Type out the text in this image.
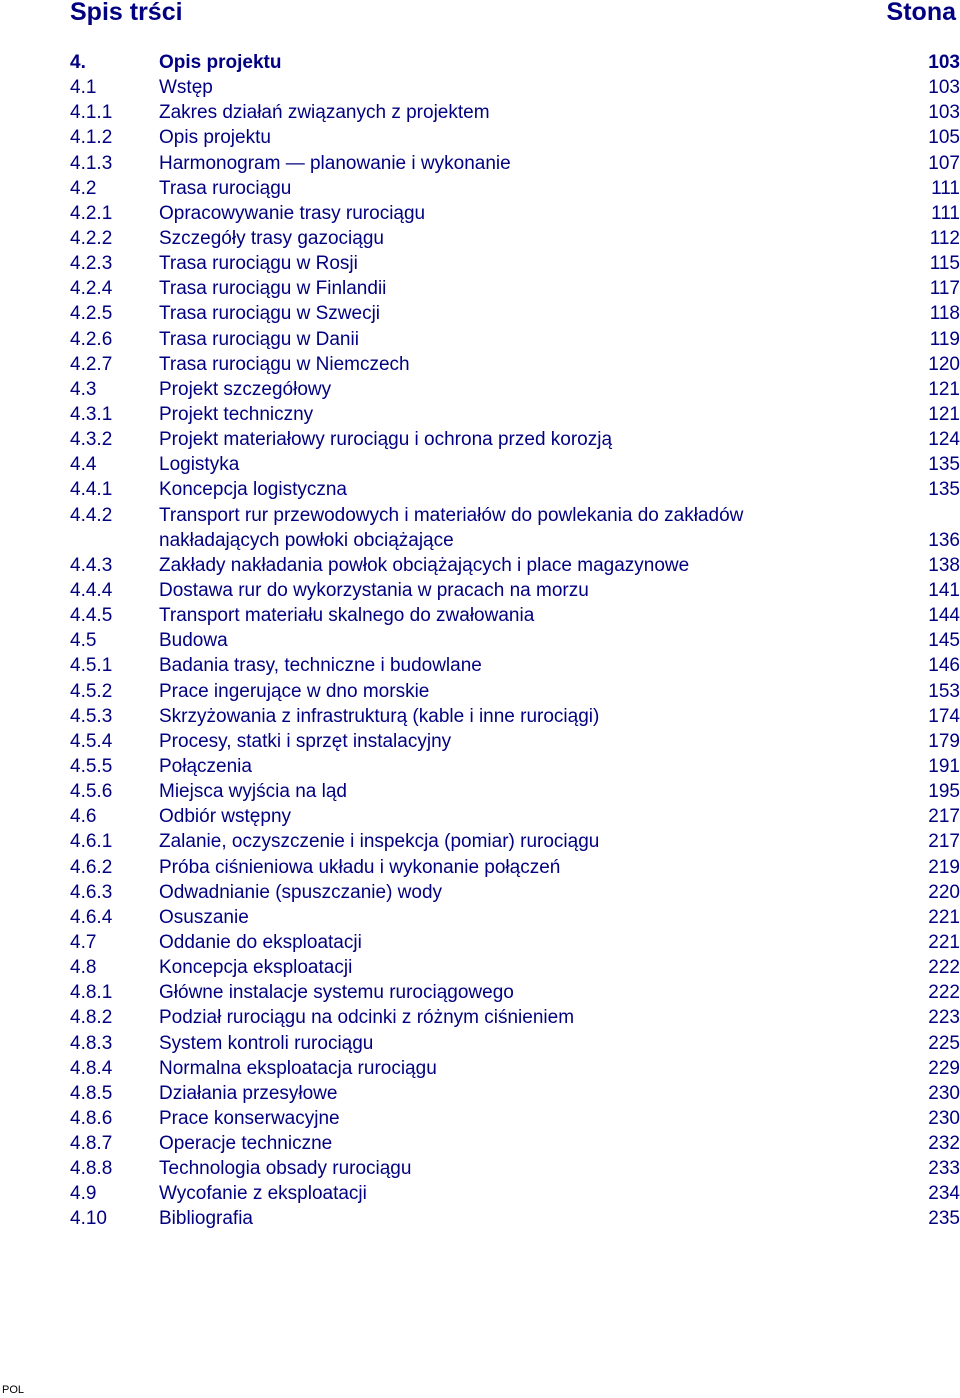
Spis trści	Stona
4.	Opis projektu	103
4.1	Wstęp	103
4.1.1 Zakres działań związanych z projektem	103
4.1.2 Opis projektu	105
4.1.3 Harmonogram — planowanie i wykonanie	107
4.2	Trasa rurociągu	111
4.2.1 Opracowywanie trasy rurociągu	111
4.2.2 Szczegóły trasy gazociągu	112
4.2.3 Trasa rurociągu w Rosji	115
4.2.4 Trasa rurociągu w Finlandii	117
4.2.5 Trasa rurociągu w Szwecji	118
4.2.6 Trasa rurociągu w Danii	119
4.2.7 Trasa rurociągu w Niemczech	120
4.3	Projekt szczegółowy	121
4.3.1 Projekt techniczny	121
4.3.2 Projekt materiałowy rurociągu i ochrona przed korozją	124
4.4	Logistyka	135
4.4.1 Koncepcja logistyczna	135
4.4.2 Transport rur przewodowych i materiałów do powlekania do zakładów
nakładających powłoki obciążające	136
4.4.3 Zakłady nakładania powłok obciążających i place magazynowe	138
4.4.4 Dostawa rur do wykorzystania w pracach na morzu	141
4.4.5 Transport materiału skalnego do zwałowania	144
4.5	Budowa	145
4.5.1 Badania trasy, techniczne i budowlane	146
4.5.2 Prace ingerujące w dno morskie	153
4.5.3 Skrzyżowania z infrastrukturą (kable i inne rurociągi)	174
4.5.4 Procesy, statki i sprzęt instalacyjny	179
4.5.5 Połączenia	191
4.5.6 Miejsca wyjścia na ląd	195
4.6	Odbiór wstępny	217
4.6.1 Zalanie, oczyszczenie i inspekcja (pomiar) rurociągu	217
4.6.2 Próba ciśnieniowa układu i wykonanie połączeń	219
4.6.3 Odwadnianie (spuszczanie) wody	220
4.6.4 Osuszanie	221
4.7	Oddanie do eksploatacji	221
4.8	Koncepcja eksploatacji	222
4.8.1 Główne instalacje systemu rurociągowego	222
4.8.2 Podział rurociągu na odcinki z różnym ciśnieniem	223
4.8.3 System kontroli rurociągu	225
4.8.4 Normalna eksploatacja rurociągu	229
4.8.5 Działania przesyłowe	230
4.8.6 Prace konserwacyjne	230
4.8.7 Operacje techniczne	232
4.8.8 Technologia obsady rurociągu	233
4.9	Wycofanie z eksploatacji	234
4.10	Bibliografia	235
POL
